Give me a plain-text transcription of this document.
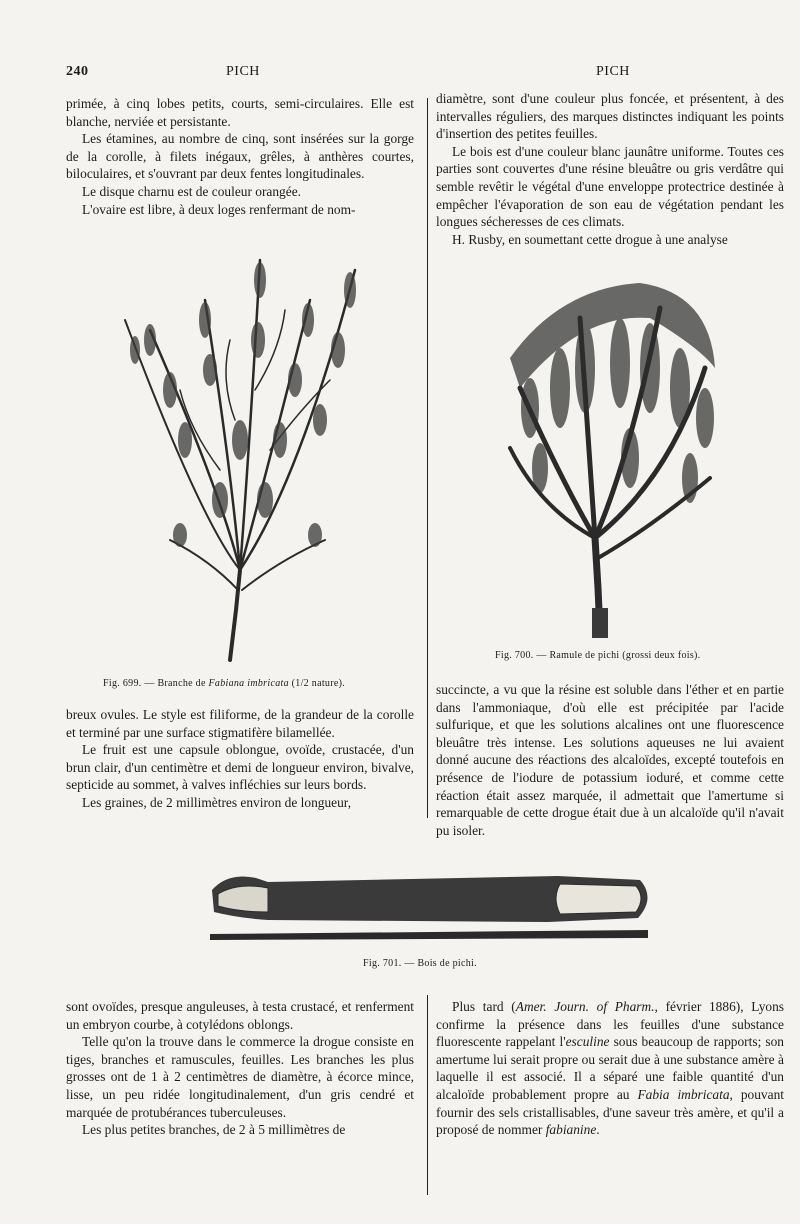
240	PICH	PICH

primée, à cinq lobes petits, courts, semi-circulaires. Elle est blanche, nerviée et persistante.

Les étamines, au nombre de cinq, sont insérées sur la gorge de la corolle, à filets inégaux, grêles, à anthères courtes, biloculaires, et s'ouvrant par deux fentes longitudinales.

Le disque charnu est de couleur orangée.

L'ovaire est libre, à deux loges renfermant de nom-

diamètre, sont d'une couleur plus foncée, et présentent, à des intervalles réguliers, des marques distinctes indiquant les points d'insertion des petites feuilles.

Le bois est d'une couleur blanc jaunâtre uniforme. Toutes ces parties sont couvertes d'une résine bleuâtre ou gris verdâtre qui semble revêtir le végétal d'une enveloppe protectrice destinée à empêcher l'évaporation de son eau de végétation pendant les longues sécheresses de ces climats.

H. Rusby, en soumettant cette drogue à une analyse

Fig. 699. — Branche de Fabiana imbricata (1/2 nature).
Fig. 700. — Ramule de pichi (grossi deux fois).

breux ovules. Le style est filiforme, de la grandeur de la corolle et terminé par une surface stigmatifère bilamellée.

Le fruit est une capsule oblongue, ovoïde, crustacée, d'un brun clair, d'un centimètre et demi de longueur environ, bivalve, septicide au sommet, à valves infléchies sur leurs bords.

Les graines, de 2 millimètres environ de longueur,

succincte, a vu que la résine est soluble dans l'éther et en partie dans l'ammoniaque, d'où elle est précipitée par l'acide sulfurique, et que les solutions alcalines ont une fluorescence bleuâtre très intense. Les solutions aqueuses ne lui avaient donné aucune des réactions des alcaloïdes, excepté toutefois en présence de l'iodure de potassium ioduré, et comme cette réaction était assez marquée, il admettait que l'amertume si remarquable de cette drogue était due à un alcaloïde qu'il n'avait pu isoler.

Fig. 701. — Bois de pichi.

sont ovoïdes, presque anguleuses, à testa crustacé, et renferment un embryon courbe, à cotylédons oblongs.

Telle qu'on la trouve dans le commerce la drogue consiste en tiges, branches et ramuscules, feuilles. Les branches les plus grosses ont de 1 à 2 centimètres de diamètre, à écorce mince, lisse, un peu ridée longitudinalement, d'un gris cendré et marquée de protubérances tuberculeuses.

Les plus petites branches, de 2 à 5 millimètres de

Plus tard (Amer. Journ. of Pharm., février 1886), Lyons confirme la présence dans les feuilles d'une substance fluorescente rappelant l'esculine sous beaucoup de rapports; son amertume lui serait propre ou serait due à une substance amère à laquelle il est associé. Il a séparé une faible quantité d'un alcaloïde probablement propre au Fabia imbricata, pouvant fournir des sels cristallisables, d'une saveur très amère, et qu'il a proposé de nommer fabianine.
